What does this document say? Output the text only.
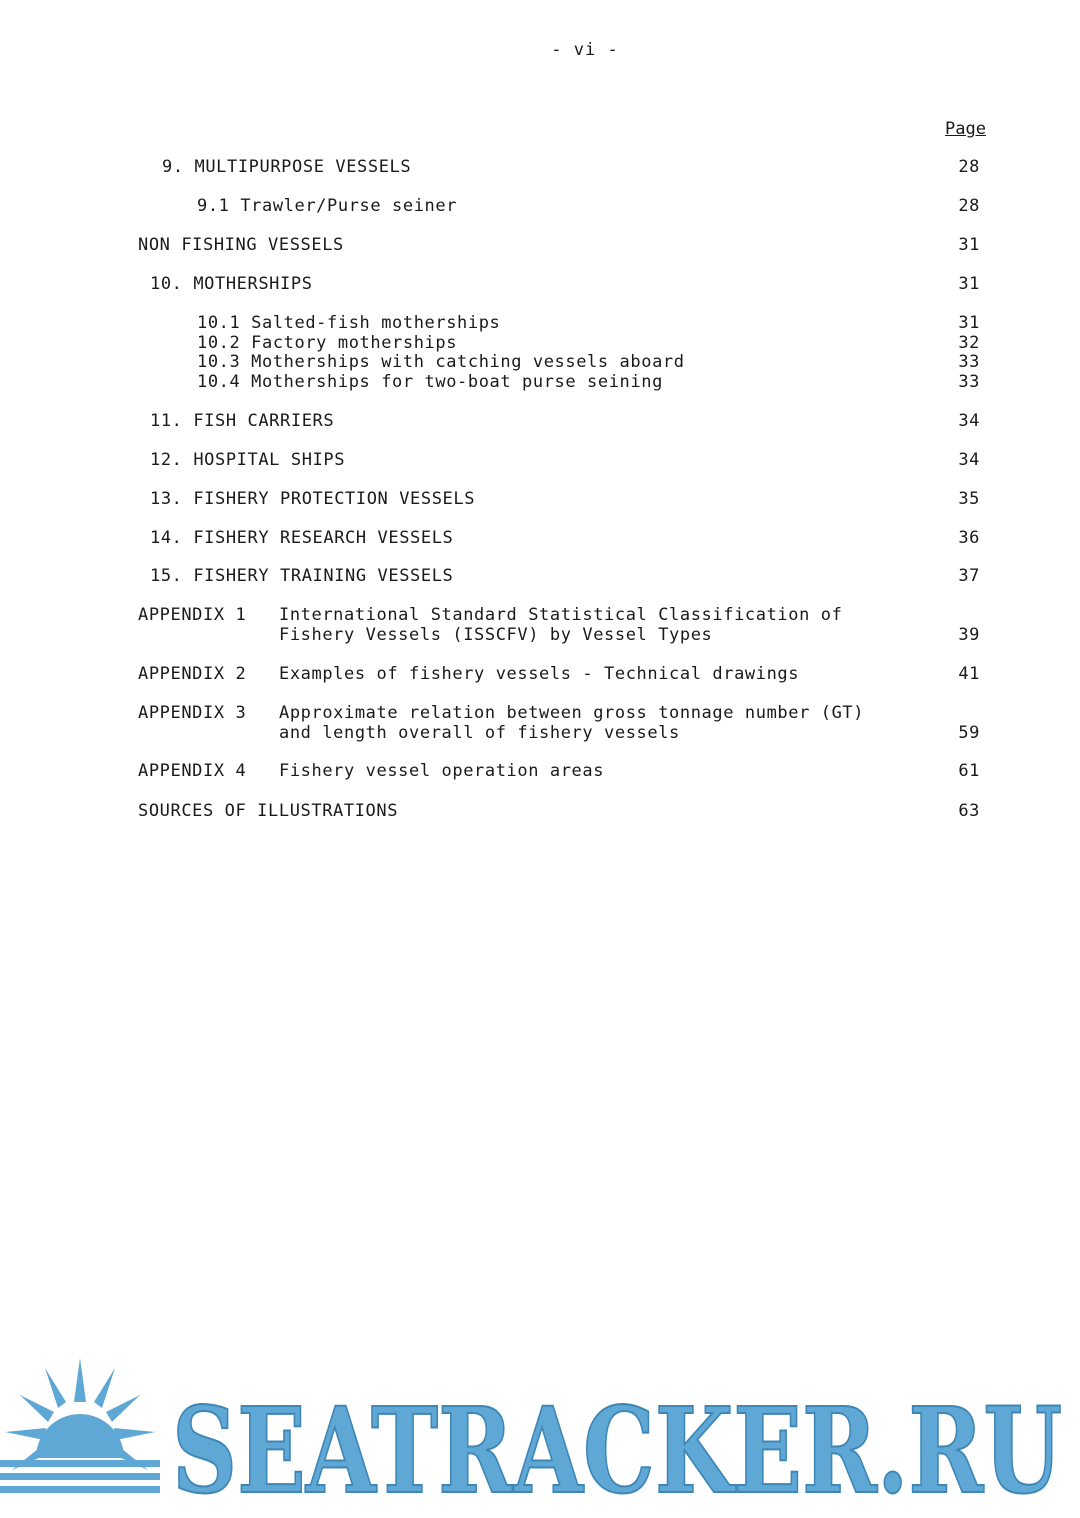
- vi -
Page
9. MULTIPURPOSE VESSELS	28
9.1 Trawler/Purse seiner	28
NON FISHING VESSELS	31
10. MOTHERSHIPS	31
10.1 Salted-fish motherships	31
10.2 Factory motherships	32
10.3 Motherships with catching vessels aboard	33
10.4 Motherships for two-boat purse seining	33
11. FISH CARRIERS	34
12. HOSPITAL SHIPS	34
13. FISHERY PROTECTION VESSELS	35
14. FISHERY RESEARCH VESSELS	36
15. FISHERY TRAINING VESSELS	37
APPENDIX 1 International Standard Statistical Classification of
Fishery Vessels (ISSCFV) by Vessel Types	39
APPENDIX 2 Examples of fishery vessels - Technical drawings	41
APPENDIX 3 Approximate relation between gross tonnage number (GT)
and length overall of fishery vessels	59
APPENDIX 4 Fishery vessel operation areas	61
SOURCES OF ILLUSTRATIONS	63
SEATRACKER.RU
